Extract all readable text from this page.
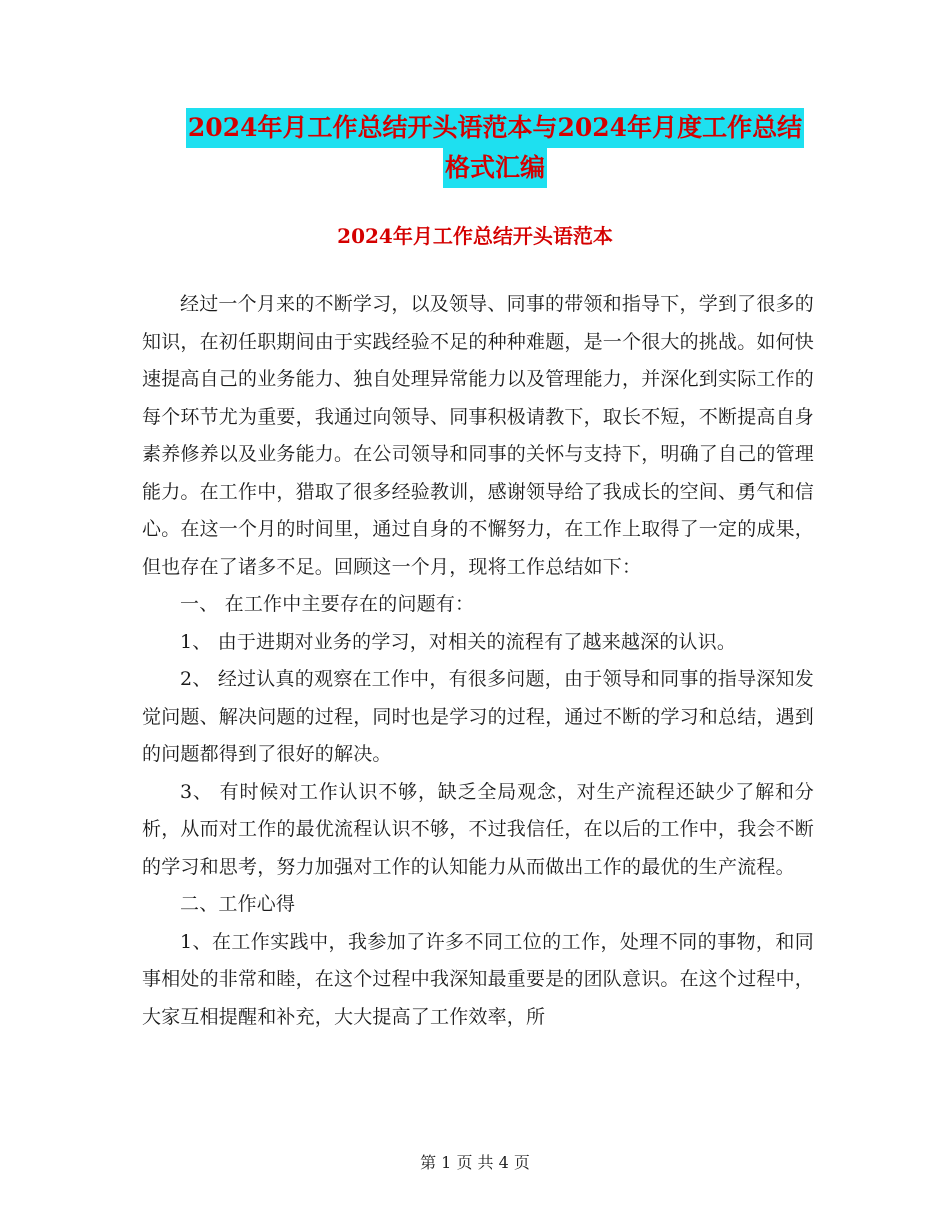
2024年月工作总结开头语范本与2024年月度工作总结
格式汇编
2024年月工作总结开头语范本

经过一个月来的不断学习，以及领导、同事的带领和指导下，学到了很多的知识，在初任职期间由于实践经验不足的种种难题，是一个很大的挑战。如何快速提高自己的业务能力、独自处理异常能力以及管理能力，并深化到实际工作的每个环节尤为重要，我通过向领导、同事积极请教下，取长不短，不断提高自身素养修养以及业务能力。在公司领导和同事的关怀与支持下，明确了自己的管理能力。在工作中，猎取了很多经验教训，感谢领导给了我成长的空间、勇气和信心。在这一个月的时间里，通过自身的不懈努力，在工作上取得了一定的成果，但也存在了诸多不足。回顾这一个月，现将工作总结如下：

一、 在工作中主要存在的问题有：

1、 由于进期对业务的学习，对相关的流程有了越来越深的认识。

2、 经过认真的观察在工作中，有很多问题，由于领导和同事的指导深知发觉问题、解决问题的过程，同时也是学习的过程，通过不断的学习和总结，遇到的问题都得到了很好的解决。

3、 有时候对工作认识不够，缺乏全局观念，对生产流程还缺少了解和分析，从而对工作的最优流程认识不够，不过我信任，在以后的工作中，我会不断的学习和思考，努力加强对工作的认知能力从而做出工作的最优的生产流程。

二、工作心得

1、在工作实践中，我参加了许多不同工位的工作，处理不同的事物，和同事相处的非常和睦，在这个过程中我深知最重要是的团队意识。在这个过程中，大家互相提醒和补充，大大提高了工作效率，所

第 1 页 共 4 页
